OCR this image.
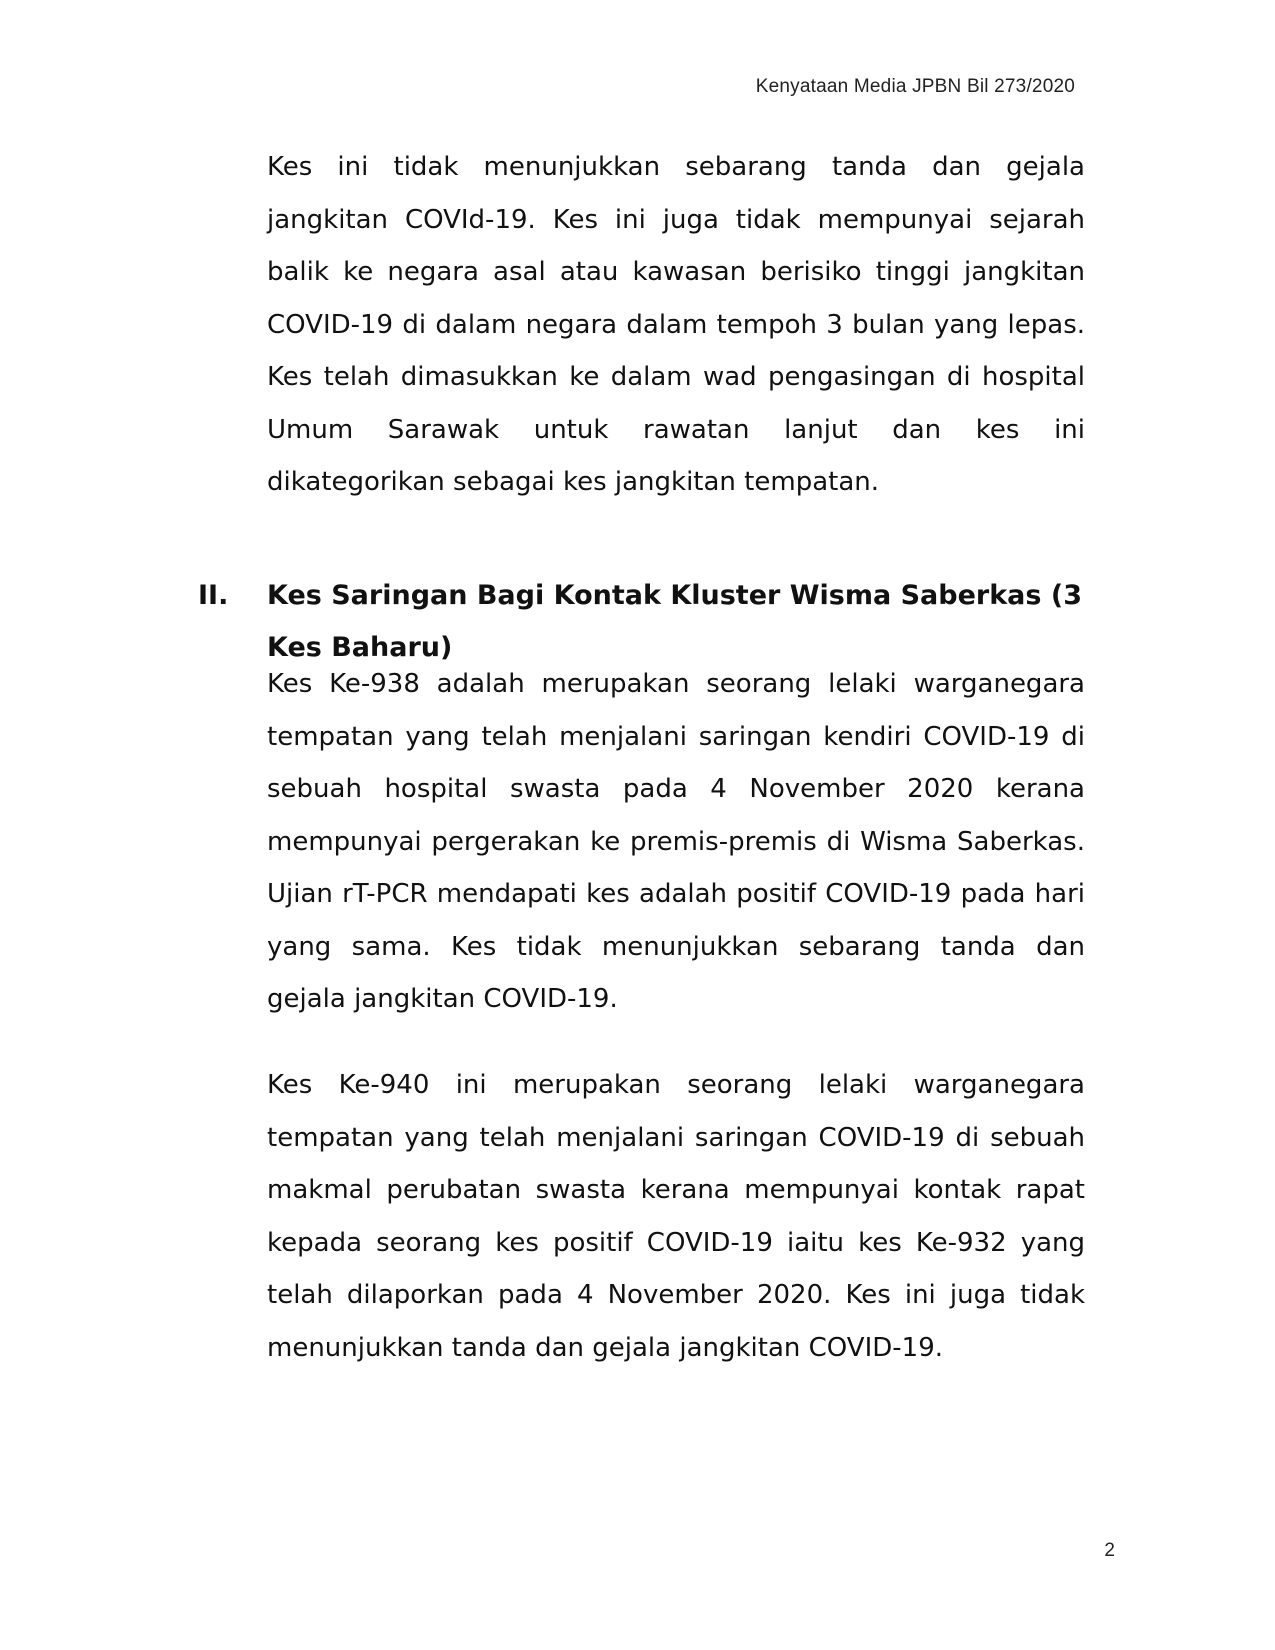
Kenyataan Media JPBN Bil 273/2020

Kes ini tidak menunjukkan sebarang tanda dan gejala jangkitan COVId-19. Kes ini juga tidak mempunyai sejarah balik ke negara asal atau kawasan berisiko tinggi jangkitan COVID-19 di dalam negara dalam tempoh 3 bulan yang lepas. Kes telah dimasukkan ke dalam wad pengasingan di hospital Umum Sarawak untuk rawatan lanjut dan kes ini dikategorikan sebagai kes jangkitan tempatan.

II. Kes Saringan Bagi Kontak Kluster Wisma Saberkas (3 Kes Baharu)

Kes Ke-938 adalah merupakan seorang lelaki warganegara tempatan yang telah menjalani saringan kendiri COVID-19 di sebuah hospital swasta pada 4 November 2020 kerana mempunyai pergerakan ke premis-premis di Wisma Saberkas. Ujian rT-PCR mendapati kes adalah positif COVID-19 pada hari yang sama. Kes tidak menunjukkan sebarang tanda dan gejala jangkitan COVID-19.

Kes Ke-940 ini merupakan seorang lelaki warganegara tempatan yang telah menjalani saringan COVID-19 di sebuah makmal perubatan swasta kerana mempunyai kontak rapat kepada seorang kes positif COVID-19 iaitu kes Ke-932 yang telah dilaporkan pada 4 November 2020. Kes ini juga tidak menunjukkan tanda dan gejala jangkitan COVID-19.

2
